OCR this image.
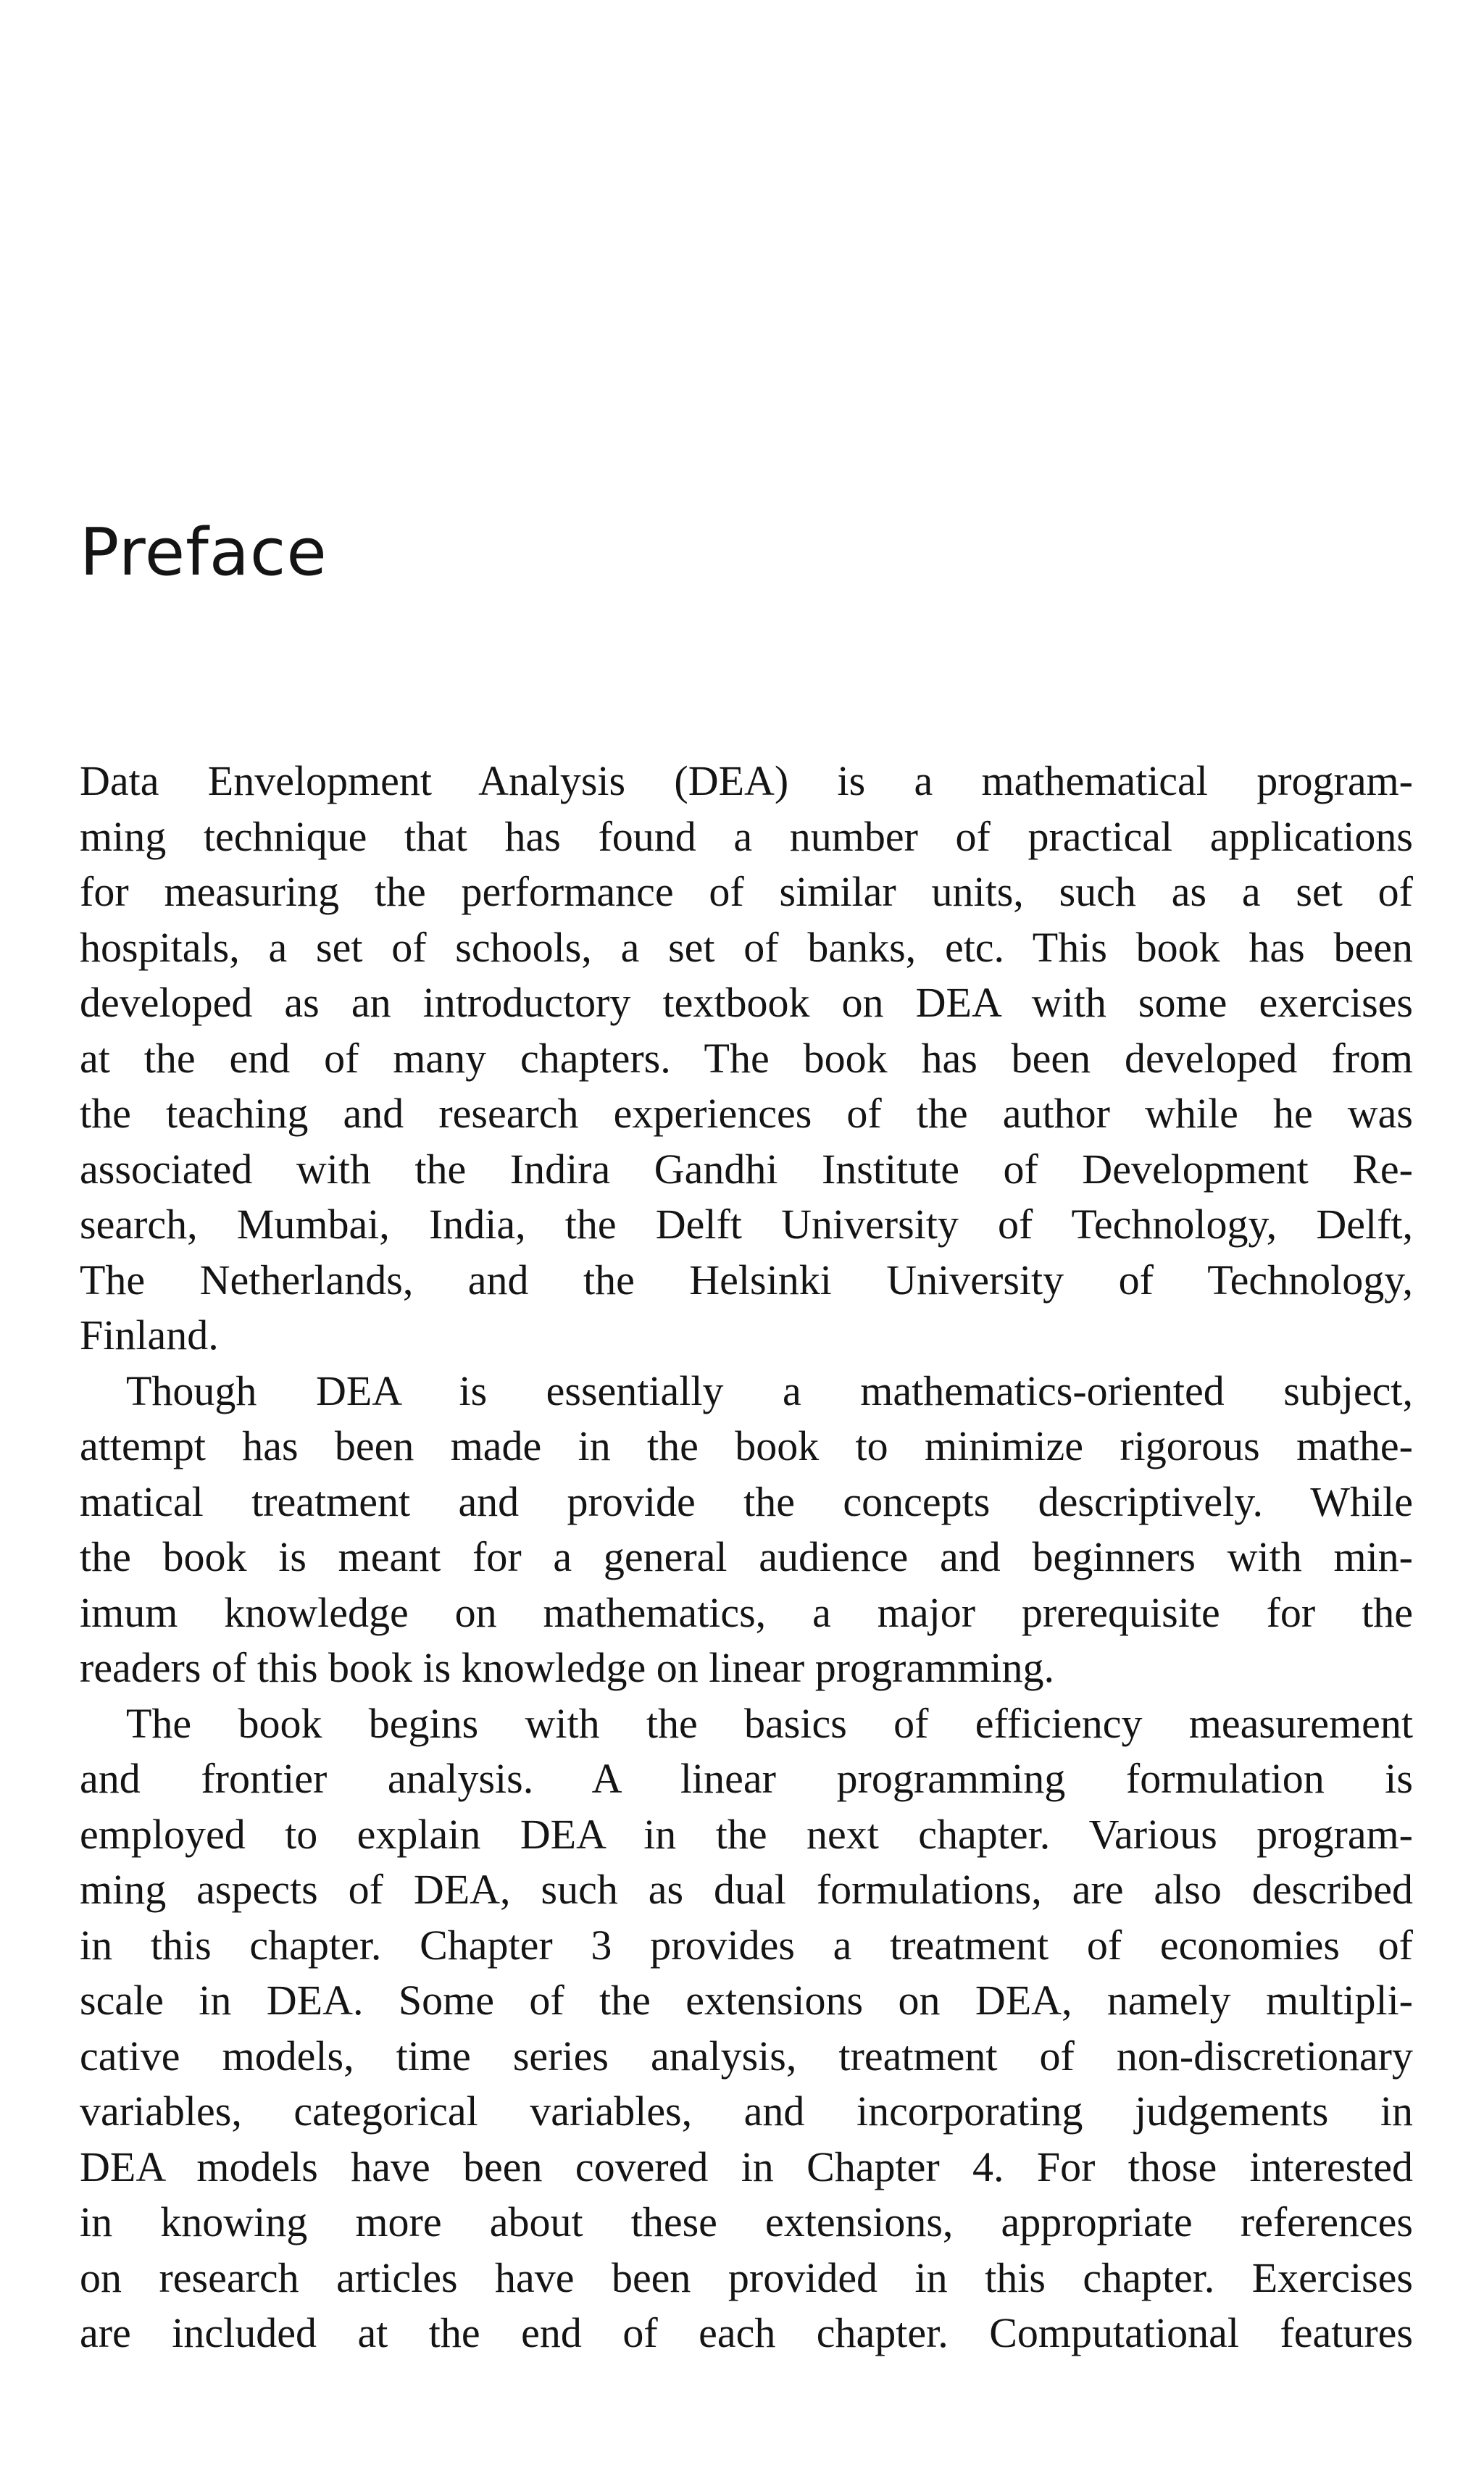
Preface
Data Envelopment Analysis (DEA) is a mathematical program-
ming technique that has found a number of practical applications
for measuring the performance of similar units, such as a set of
hospitals, a set of schools, a set of banks, etc. This book has been
developed as an introductory textbook on DEA with some exercises
at the end of many chapters. The book has been developed from
the teaching and research experiences of the author while he was
associated with the Indira Gandhi Institute of Development Re-
search, Mumbai, India, the Delft University of Technology, Delft,
The Netherlands, and the Helsinki University of Technology,
Finland.
Though DEA is essentially a mathematics-oriented subject,
attempt has been made in the book to minimize rigorous mathe-
matical treatment and provide the concepts descriptively. While
the book is meant for a general audience and beginners with min-
imum knowledge on mathematics, a major prerequisite for the
readers of this book is knowledge on linear programming.
The book begins with the basics of efficiency measurement
and frontier analysis. A linear programming formulation is
employed to explain DEA in the next chapter. Various program-
ming aspects of DEA, such as dual formulations, are also described
in this chapter. Chapter 3 provides a treatment of economies of
scale in DEA. Some of the extensions on DEA, namely multipli-
cative models, time series analysis, treatment of non-discretionary
variables, categorical variables, and incorporating judgements in
DEA models have been covered in Chapter 4. For those interested
in knowing more about these extensions, appropriate references
on research articles have been provided in this chapter. Exercises
are included at the end of each chapter. Computational features
